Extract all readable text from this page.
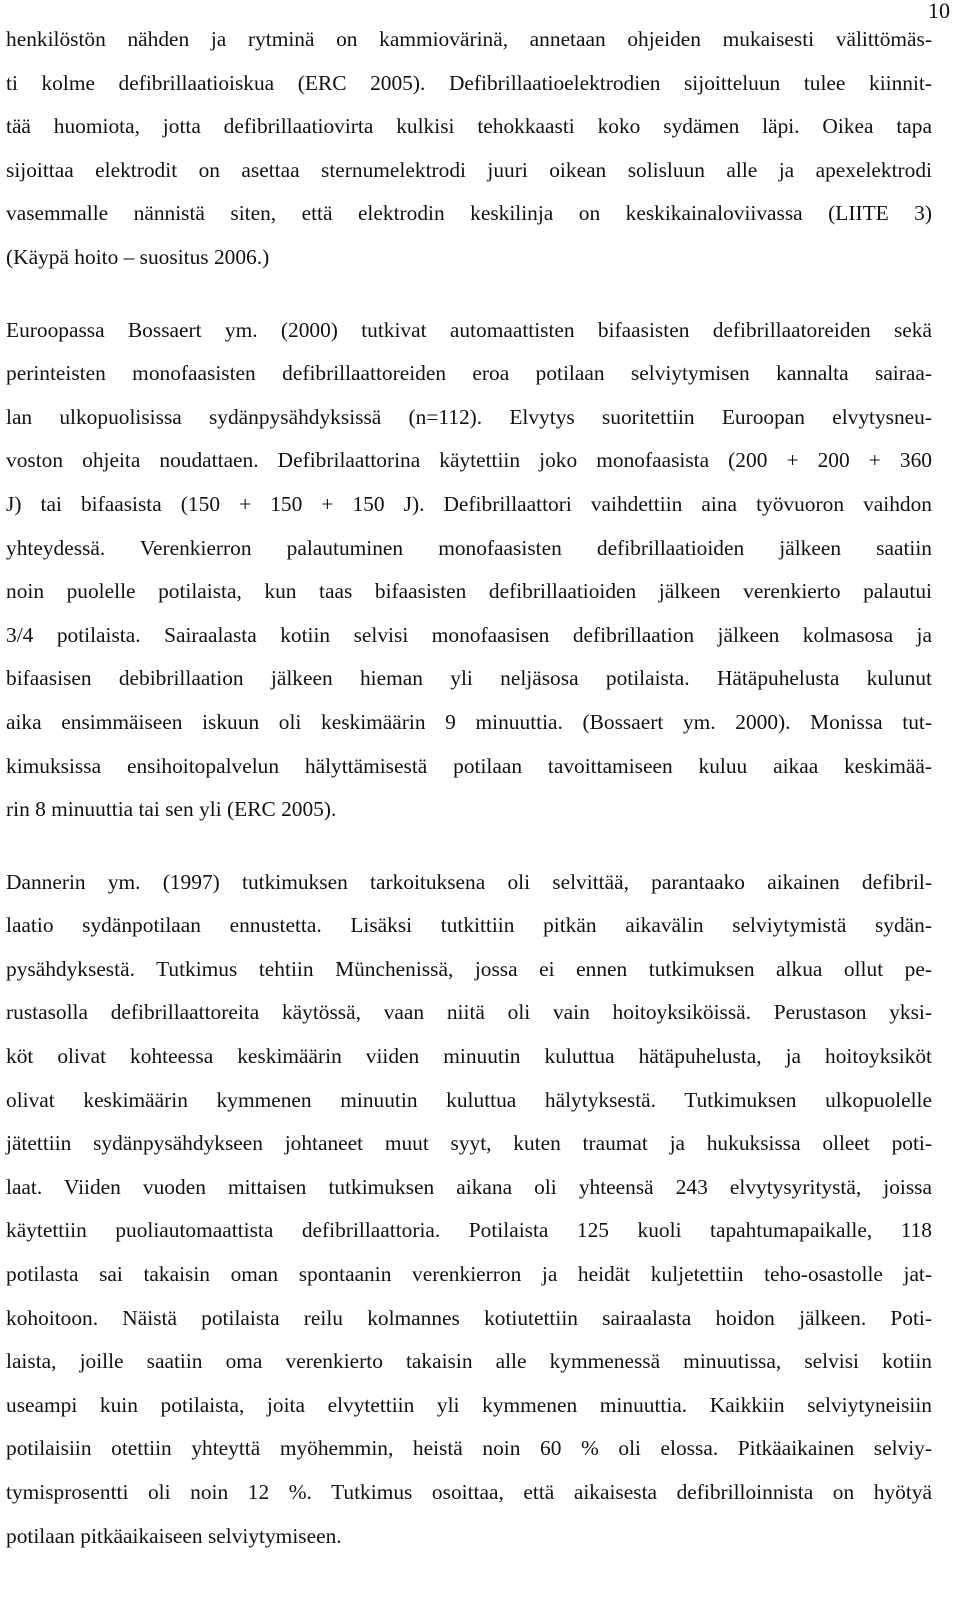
10
henkilöstön nähden ja rytminä on kammiovärinä, annetaan ohjeiden mukaisesti välittömäs-
ti kolme defibrillaatioiskua (ERC 2005). Defibrillaatioelektrodien sijoitteluun tulee kiinnit-
tää huomiota, jotta defibrillaatiovirta kulkisi tehokkaasti koko sydämen läpi. Oikea tapa
sijoittaa elektrodit on asettaa sternumelektrodi juuri oikean solisluun alle ja apexelektrodi
vasemmalle nännistä siten, että elektrodin keskilinja on keskikainaloviivassa (LIITE 3)
(Käypä hoito – suositus 2006.)
Euroopassa Bossaert ym. (2000) tutkivat automaattisten bifaasisten defibrillaatoreiden sekä
perinteisten monofaasisten defibrillaattoreiden eroa potilaan selviytymisen kannalta sairaa-
lan ulkopuolisissa sydänpysähdyksissä (n=112). Elvytys suoritettiin Euroopan elvytysneu-
voston ohjeita noudattaen. Defibrilaattorina käytettiin joko monofaasista (200 + 200 + 360
J) tai bifaasista (150 + 150 + 150 J). Defibrillaattori vaihdettiin aina työvuoron vaihdon
yhteydessä. Verenkierron palautuminen monofaasisten defibrillaatioiden jälkeen saatiin
noin puolelle potilaista, kun taas bifaasisten defibrillaatioiden jälkeen verenkierto palautui
3/4 potilaista. Sairaalasta kotiin selvisi monofaasisen defibrillaation jälkeen kolmasosa ja
bifaasisen debibrillaation jälkeen hieman yli neljäsosa potilaista. Hätäpuhelusta kulunut
aika ensimmäiseen iskuun oli keskimäärin 9 minuuttia. (Bossaert ym. 2000). Monissa tut-
kimuksissa ensihoitopalvelun hälyttämisestä potilaan tavoittamiseen kuluu aikaa keskimää-
rin 8 minuuttia tai sen yli (ERC 2005).
Dannerin ym. (1997) tutkimuksen tarkoituksena oli selvittää, parantaako aikainen defibril-
laatio sydänpotilaan ennustetta. Lisäksi tutkittiin pitkän aikavälin selviytymistä sydän-
pysähdyksestä. Tutkimus tehtiin Münchenissä, jossa ei ennen tutkimuksen alkua ollut pe-
rustasolla defibrillaattoreita käytössä, vaan niitä oli vain hoitoyksiköissä. Perustason yksi-
köt olivat kohteessa keskimäärin viiden minuutin kuluttua hätäpuhelusta, ja hoitoyksiköt
olivat keskimäärin kymmenen minuutin kuluttua hälytyksestä. Tutkimuksen ulkopuolelle
jätettiin sydänpysähdykseen johtaneet muut syyt, kuten traumat ja hukuksissa olleet poti-
laat. Viiden vuoden mittaisen tutkimuksen aikana oli yhteensä 243 elvytysyritystä, joissa
käytettiin puoliautomaattista defibrillaattoria. Potilaista 125 kuoli tapahtumapaikalle, 118
potilasta sai takaisin oman spontaanin verenkierron ja heidät kuljetettiin teho-osastolle jat-
kohoitoon. Näistä potilaista reilu kolmannes kotiutettiin sairaalasta hoidon jälkeen. Poti-
laista, joille saatiin oma verenkierto takaisin alle kymmenessä minuutissa, selvisi kotiin
useampi kuin potilaista, joita elvytettiin yli kymmenen minuuttia. Kaikkiin selviytyneisiin
potilaisiin otettiin yhteyttä myöhemmin, heistä noin 60 % oli elossa. Pitkäaikainen selviy-
tymisprosentti oli noin 12 %. Tutkimus osoittaa, että aikaisesta defibrilloinnista on hyötyä
potilaan pitkäaikaiseen selviytymiseen.
